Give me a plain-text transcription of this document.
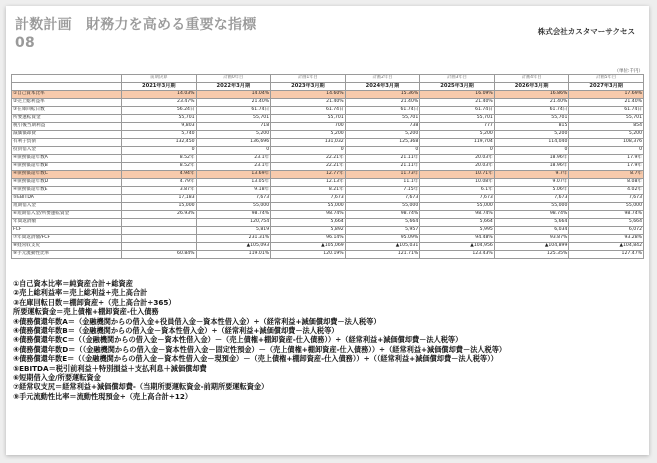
計数計画　財務力を高める重要な指標
08
株式会社カスタマーサクセス
（単位:千円）
	前期決算	計画0年目	計画1年目	計画2年目	計画3年目	計画4年目	計画5年目
	2021年3月期	2022年3月期	2023年3月期	2024年3月期	2025年3月期	2026年3月期	2027年3月期
①自己資本比率	14.03%	14.04%	14.60%	15.36%	16.09%	16.86%	17.69%
②売上総利益率	23.47%	21.40%	21.40%	21.40%	21.40%	21.40%	21.40%
③在庫回転日数	56.24日	61.74日	61.74日	61.74日	61.74日	61.74日	61.74日
所要運転資金	55,701	55,701	55,701	55,701	55,701	55,701	55,701
税引後当期利益	9,803	718	700	738	777	815	854
減価償却費	5,740	5,200	5,200	5,200	5,200	5,200	5,200
有利子負債	132,450	136,696	131,032	125,368	119,704	114,040	108,376
役員借入金	0	0	0	0	0	0	0
④債務償還年数A	8.52年	23.1年	22.21年	21.11年	20.03年	18.96年	17.9年
④債務償還年数B	8.52年	23.1年	22.21年	21.11年	20.03年	18.96年	17.9年
④債務償還年数C	4.94年	13.69年	12.77年	11.73年	10.71年	9.7年	8.7年
④債務償還年数D	4.79年	13.05年	12.13年	11.1年	10.08年	9.07年	8.08年
④債務償還年数E	3.87年	9.18年	8.21年	7.15年	6.1年	5.06年	4.02年
⑤EBITDA	17,183	7,673	7,673	7,673	7,673	7,673	7,673
短期借入金	15,000	55,000	55,000	55,000	55,000	55,000	55,000
⑥短期借入金/所要運転資金	26.93%	98.74%	98.74%	98.74%	98.74%	98.74%	98.74%
年間返済額		120,754	5,664	5,664	5,664	5,664	5,664
FCF		5,819	5,892	5,957	5,995	6,034	6,072
⑦年間返済額/FCF		231.31%	96.14%	95.09%	94.48%	93.87%	93.28%
⑧経常収支尻		▲105,093	▲105,069	▲105,031	▲104,956	▲104,899	▲104,842
⑨手元流動性比率	60.84%	119.01%	120.19%	121.71%	123.43%	125.35%	127.47%
①自己資本比率＝純資産合計÷総資産
②売上総利益率＝売上総利益÷売上高合計
③在庫回転日数＝棚卸資産÷（売上高合計÷365）
所要運転資金＝売上債権+棚卸資産-仕入債務
④債務償還年数A＝（金融機関からの借入金+役員借入金－資本性借入金）÷（経常利益+減価償却費－法人税等）
④債務償還年数B＝（金融機関からの借入金－資本性借入金）÷（経常利益+減価償却費－法人税等）
④債務償還年数C＝（（金融機関からの借入金－資本性借入金）－（売上債権+棚卸資産-仕入債務））÷（経常利益+減価償却費－法人税等）
④債務償還年数D＝（（金融機関からの借入金－資本性借入金－固定性預金）－（売上債権+棚卸資産-仕入債務））÷（経常利益+減価償却費－法人税等）
④債務償還年数E＝（（金融機関からの借入金－資本性借入金－現預金）－（売上債権+棚卸資産-仕入債務））÷（（経常利益+減価償却費－法人税等））
⑤EBITDA＝税引前利益＋特別損益＋支払利息＋減価償却費
⑥短期借入金/所要運転資金
⑦経常収支尻＝経常利益+減価償却費-（当期所要運転資金-前期所要運転資金）
⑨手元流動性比率＝流動性現預金÷（売上高合計÷12）
